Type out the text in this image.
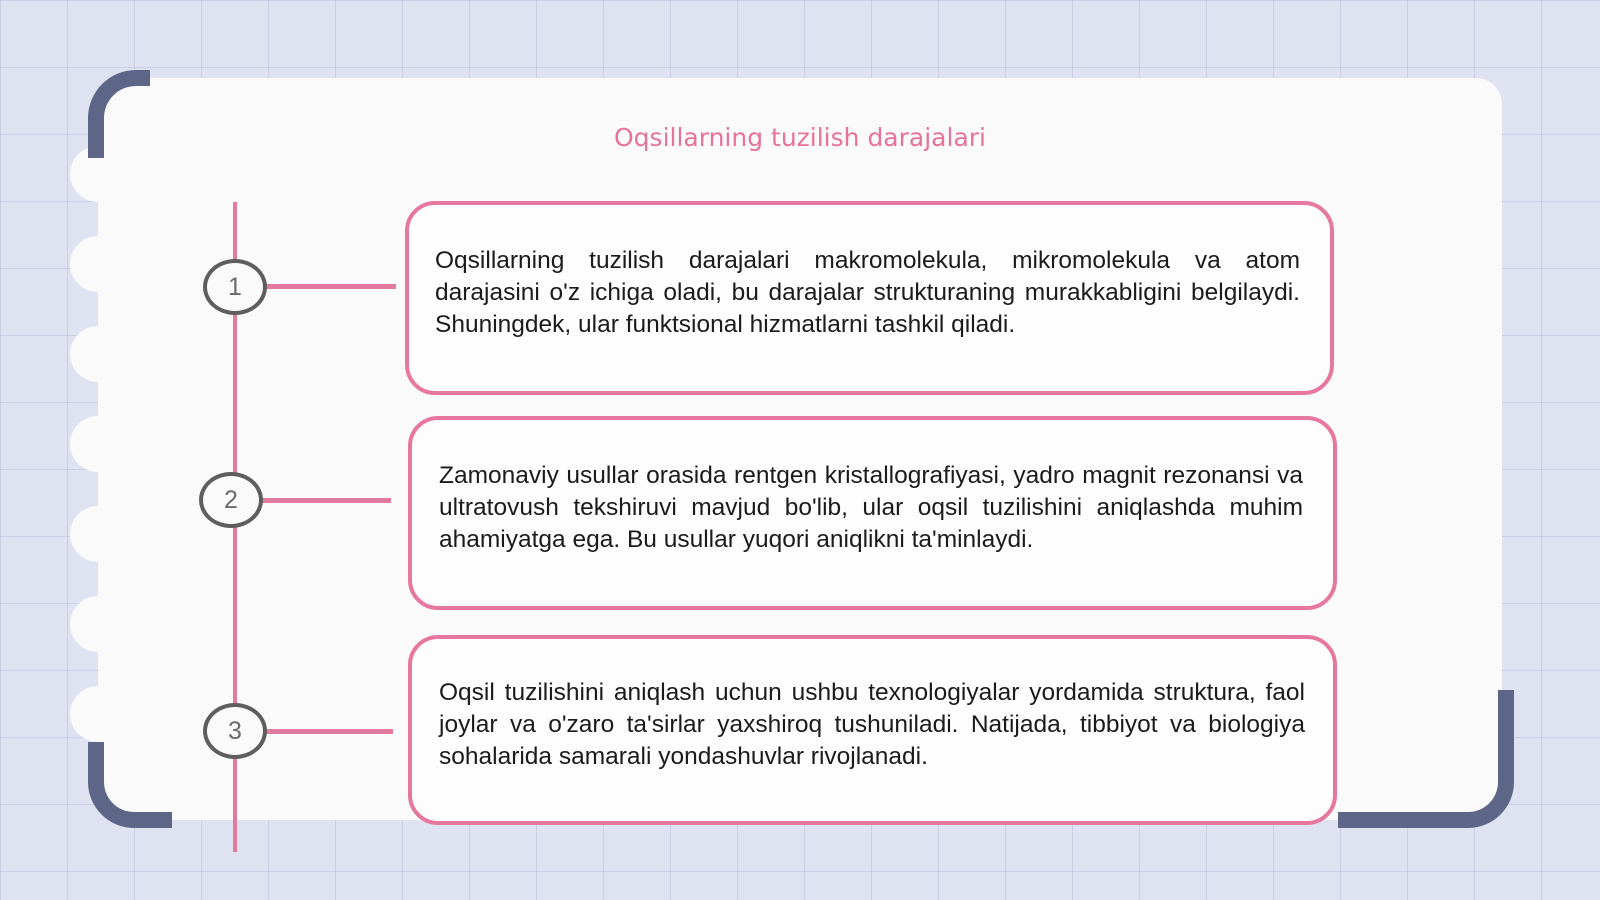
Oqsillarning tuzilish darajalari
1
2
3

Oqsillarning tuzilish darajalari makromolekula, mikromolekula va atom darajasini o'z ichiga oladi, bu darajalar strukturaning murakkabligini belgilaydi. Shuningdek, ular funktsional hizmatlarni tashkil qiladi.

Zamonaviy usullar orasida rentgen kristallografiyasi, yadro magnit rezonansi va ultratovush tekshiruvi mavjud bo'lib, ular oqsil tuzilishini aniqlashda muhim ahamiyatga ega. Bu usullar yuqori aniqlikni ta'minlaydi.

Oqsil tuzilishini aniqlash uchun ushbu texnologiyalar yordamida struktura, faol joylar va o'zaro ta'sirlar yaxshiroq tushuniladi. Natijada, tibbiyot va biologiya sohalarida samarali yondashuvlar rivojlanadi.
